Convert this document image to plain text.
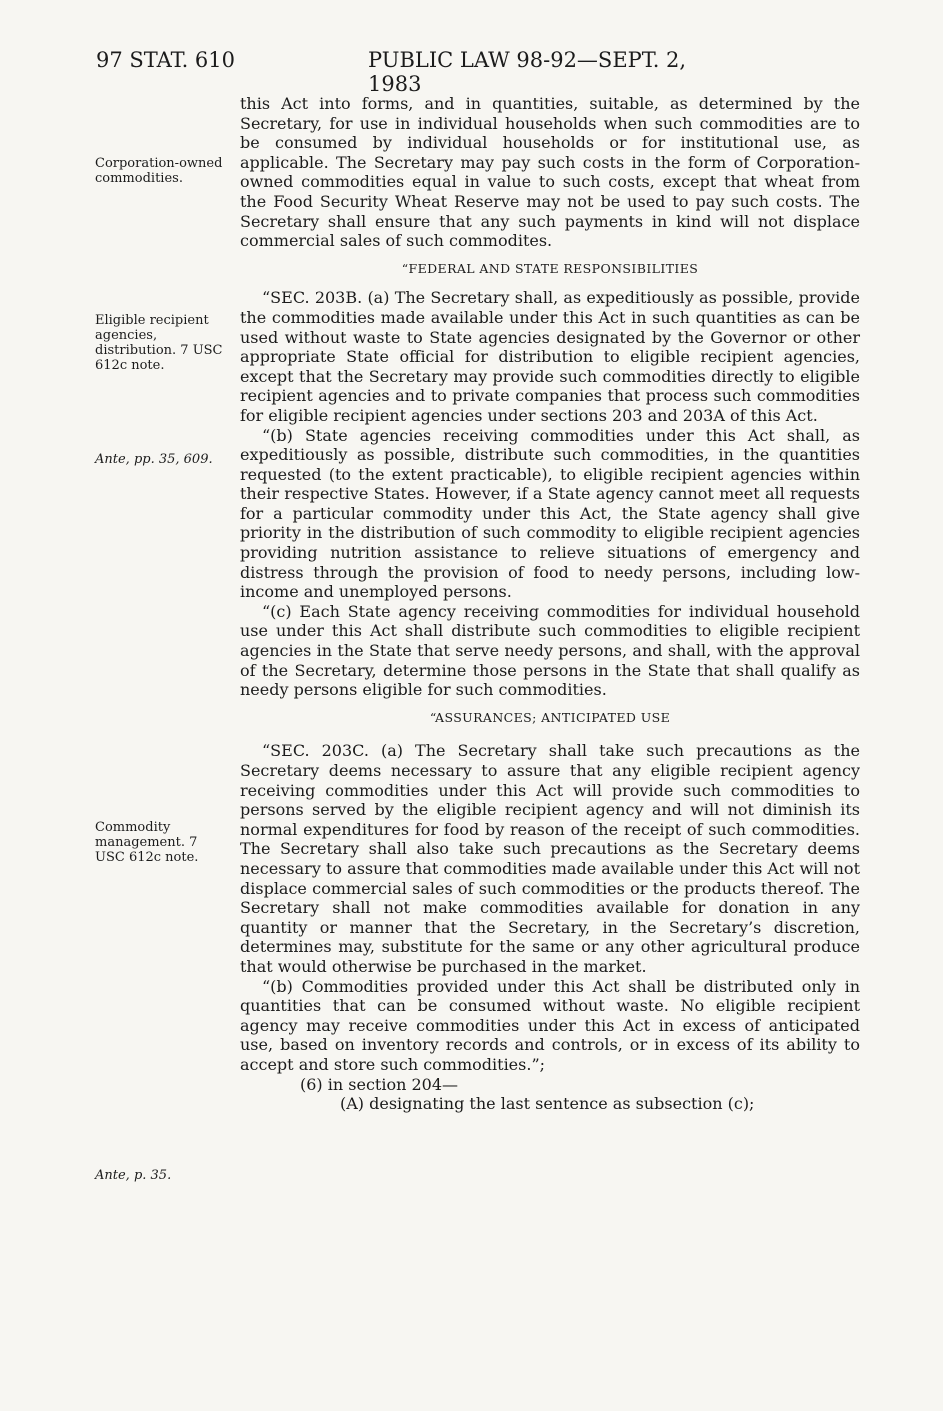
97 STAT. 610	PUBLIC LAW 98-92—SEPT. 2, 1983
Corporation-owned commodities.
Eligible recipient agencies, distribution. 7 USC 612c note.
Ante, pp. 35, 609.
Commodity management. 7 USC 612c note.
Ante, p. 35.

this Act into forms, and in quantities, suitable, as determined by the Secretary, for use in individual households when such commodities are to be consumed by individual households or for institutional use, as applicable. The Secretary may pay such costs in the form of Corporation-owned commodities equal in value to such costs, except that wheat from the Food Security Wheat Reserve may not be used to pay such costs. The Secretary shall ensure that any such payments in kind will not displace commercial sales of such commodites.

“FEDERAL AND STATE RESPONSIBILITIES

“SEC. 203B. (a) The Secretary shall, as expeditiously as possible, provide the commodities made available under this Act in such quantities as can be used without waste to State agencies designated by the Governor or other appropriate State official for distribution to eligible recipient agencies, except that the Secretary may provide such commodities directly to eligible recipient agencies and to private companies that process such commodities for eligible recipient agencies under sections 203 and 203A of this Act.

“(b) State agencies receiving commodities under this Act shall, as expeditiously as possible, distribute such commodities, in the quantities requested (to the extent practicable), to eligible recipient agencies within their respective States. However, if a State agency cannot meet all requests for a particular commodity under this Act, the State agency shall give priority in the distribution of such commodity to eligible recipient agencies providing nutrition assistance to relieve situations of emergency and distress through the provision of food to needy persons, including low-income and unemployed persons.

“(c) Each State agency receiving commodities for individual household use under this Act shall distribute such commodities to eligible recipient agencies in the State that serve needy persons, and shall, with the approval of the Secretary, determine those persons in the State that shall qualify as needy persons eligible for such commodities.

“ASSURANCES; ANTICIPATED USE

“SEC. 203C. (a) The Secretary shall take such precautions as the Secretary deems necessary to assure that any eligible recipient agency receiving commodities under this Act will provide such commodities to persons served by the eligible recipient agency and will not diminish its normal expenditures for food by reason of the receipt of such commodities. The Secretary shall also take such precautions as the Secretary deems necessary to assure that commodities made available under this Act will not displace commercial sales of such commodities or the products thereof. The Secretary shall not make commodities available for donation in any quantity or manner that the Secretary, in the Secretary’s discretion, determines may, substitute for the same or any other agricultural produce that would otherwise be purchased in the market.

“(b) Commodities provided under this Act shall be distributed only in quantities that can be consumed without waste. No eligible recipient agency may receive commodities under this Act in excess of anticipated use, based on inventory records and controls, or in excess of its ability to accept and store such commodities.”;

(6) in section 204—

(A) designating the last sentence as subsection (c);
